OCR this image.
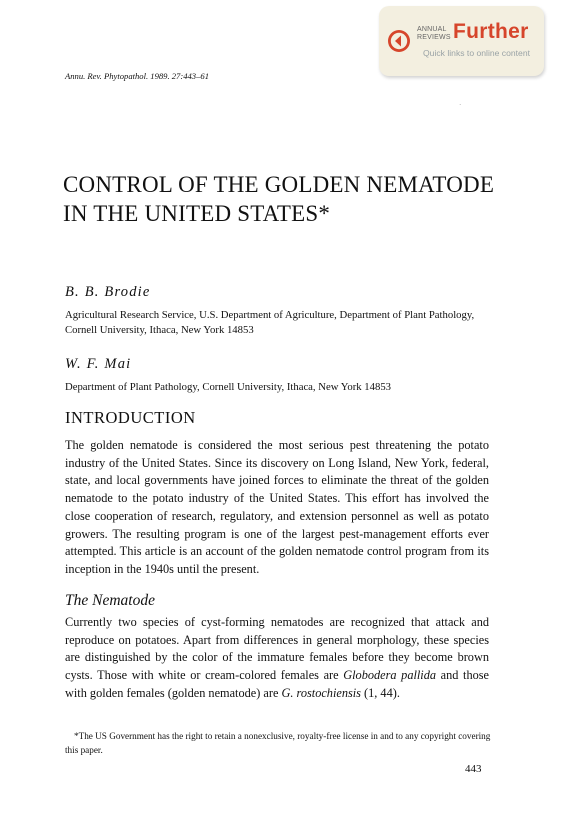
ANNUAL
REVIEWS Further
Quick links to online content
Annu. Rev. Phytopathol. 1989. 27:443–61
·
CONTROL OF THE GOLDEN NEMATODE IN THE UNITED STATES*
B. B. Brodie
Agricultural Research Service, U.S. Department of Agriculture, Department of Plant Pathology, Cornell University, Ithaca, New York 14853
W. F. Mai
Department of Plant Pathology, Cornell University, Ithaca, New York 14853
INTRODUCTION

The golden nematode is considered the most serious pest threatening the potato industry of the United States. Since its discovery on Long Island, New York, federal, state, and local governments have joined forces to eliminate the threat of the golden nematode to the potato industry of the United States. This effort has involved the close cooperation of research, regulatory, and extension personnel as well as potato growers. The resulting program is one of the largest pest-management efforts ever attempted. This article is an account of the golden nematode control program from its inception in the 1940s until the present.

The Nematode

Currently two species of cyst-forming nematodes are recognized that attack and reproduce on potatoes. Apart from differences in general morphology, these species are distinguished by the color of the immature females before they become brown cysts. Those with white or cream-colored females are Globodera pallida and those with golden females (golden nematode) are G. rostochiensis (1, 44).

*The US Government has the right to retain a nonexclusive, royalty-free license in and to any copyright covering this paper.

443
